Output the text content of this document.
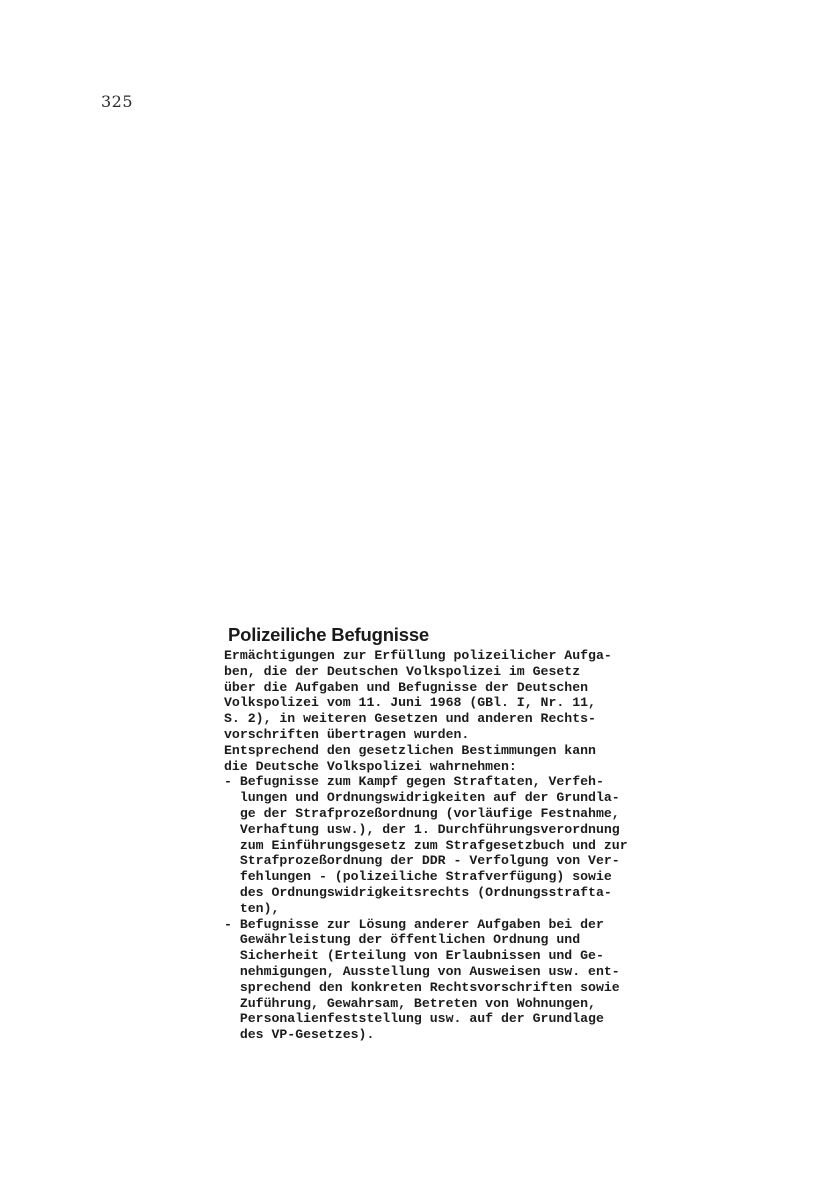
325
Polizeiliche Befugnisse
Ermächtigungen zur Erfüllung polizeilicher Aufga-
ben, die der Deutschen Volkspolizei im Gesetz
über die Aufgaben und Befugnisse der Deutschen
Volkspolizei vom 11. Juni 1968 (GBl. I, Nr. 11,
S. 2), in weiteren Gesetzen und anderen Rechts-
vorschriften übertragen wurden.
Entsprechend den gesetzlichen Bestimmungen kann
die Deutsche Volkspolizei wahrnehmen:
- Befugnisse zum Kampf gegen Straftaten, Verfeh-
lungen und Ordnungswidrigkeiten auf der Grundla-
ge der Strafprozeßordnung (vorläufige Festnahme,
Verhaftung usw.), der 1. Durchführungsverordnung
zum Einführungsgesetz zum Strafgesetzbuch und zur
Strafprozeßordnung der DDR - Verfolgung von Ver-
fehlungen - (polizeiliche Strafverfügung) sowie
des Ordnungswidrigkeitsrechts (Ordnungsstrafta-
ten),
- Befugnisse zur Lösung anderer Aufgaben bei der
Gewährleistung der öffentlichen Ordnung und
Sicherheit (Erteilung von Erlaubnissen und Ge-
nehmigungen, Ausstellung von Ausweisen usw. ent-
sprechend den konkreten Rechtsvorschriften sowie
Zuführung, Gewahrsam, Betreten von Wohnungen,
Personalienfeststellung usw. auf der Grundlage
des VP-Gesetzes).
